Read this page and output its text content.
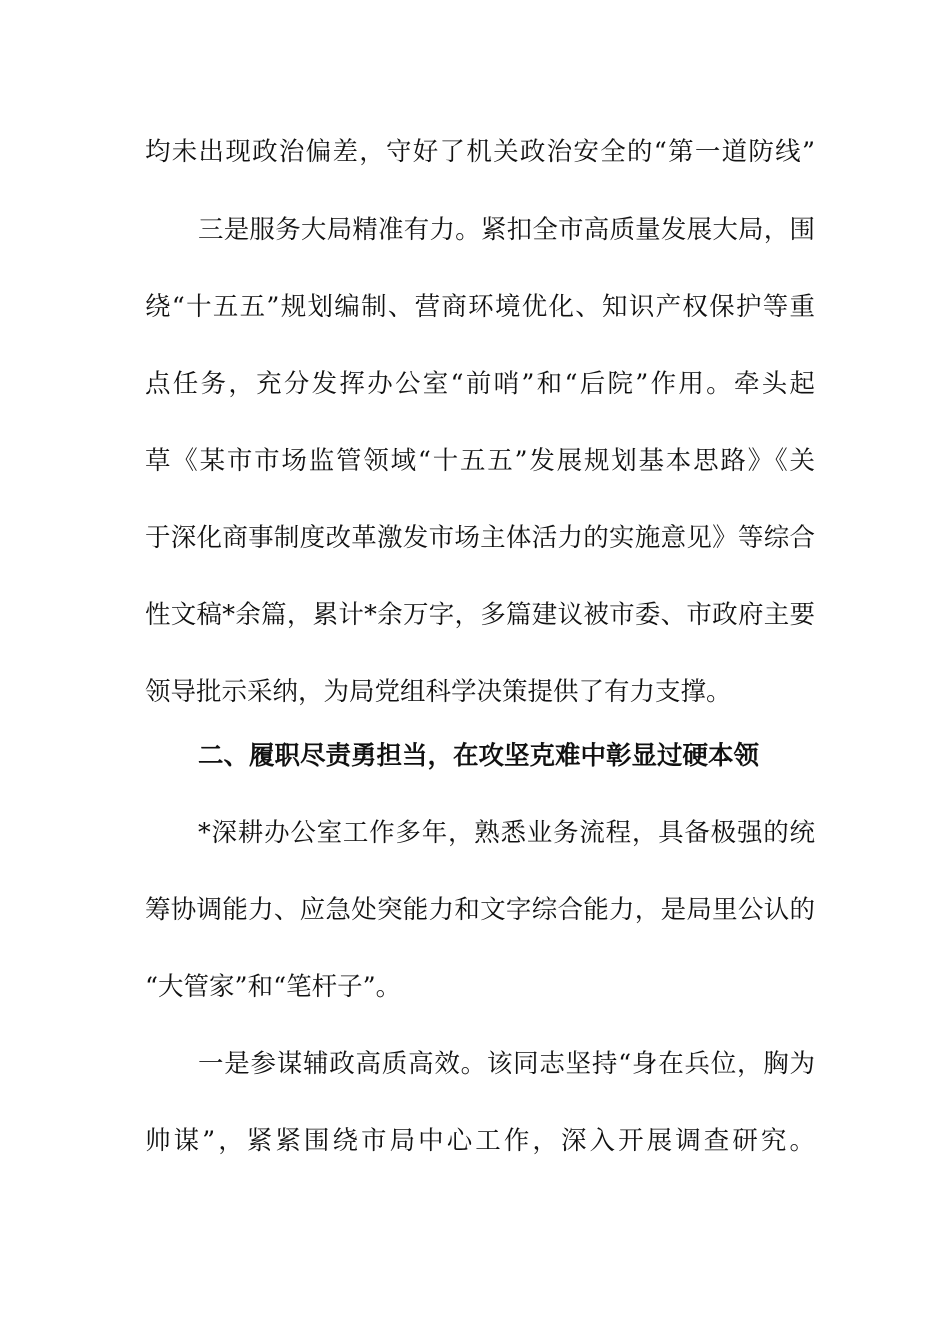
均未出现政治偏差，守好了机关政治安全的“第一道防线”
三是服务大局精准有力。紧扣全市高质量发展大局，围
绕“十五五”规划编制、营商环境优化、知识产权保护等重
点任务，充分发挥办公室“前哨”和“后院”作用。牵头起
草《某市市场监管领域“十五五”发展规划基本思路》《关
于深化商事制度改革激发市场主体活力的实施意见》等综合
性文稿*余篇，累计*余万字，多篇建议被市委、市政府主要
领导批示采纳，为局党组科学决策提供了有力支撑。
二、履职尽责勇担当，在攻坚克难中彰显过硬本领
*深耕办公室工作多年，熟悉业务流程，具备极强的统
筹协调能力、应急处突能力和文字综合能力，是局里公认的
“大管家”和“笔杆子”。
一是参谋辅政高质高效。该同志坚持“身在兵位，胸为
帅谋”，紧紧围绕市局中心工作，深入开展调查研究。
